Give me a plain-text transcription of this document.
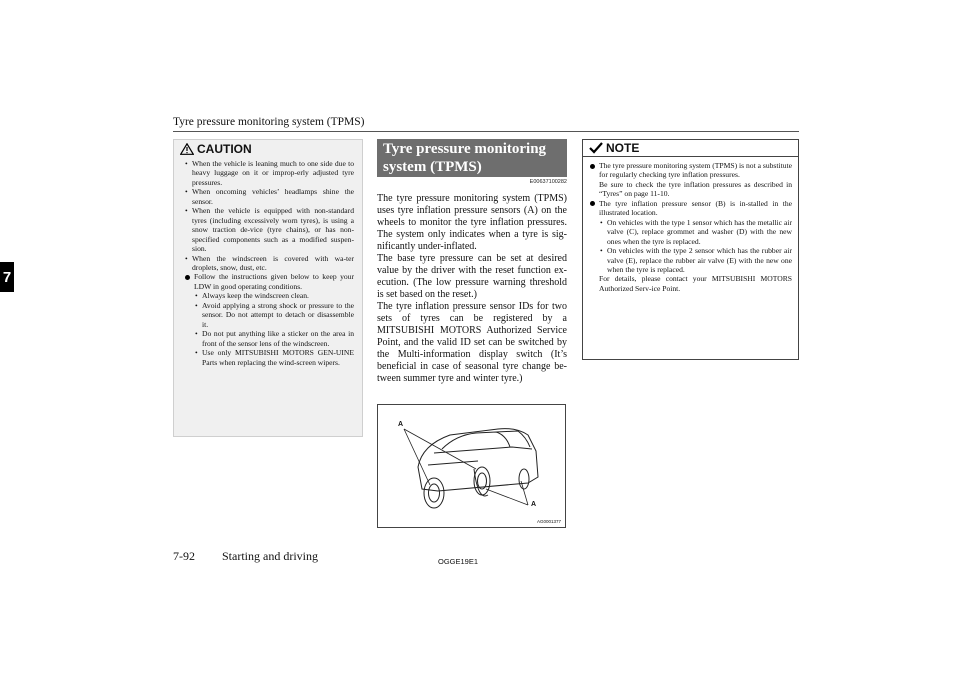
Tyre pressure monitoring system (TPMS)
7
CAUTION
• When the vehicle is leaning much to one side due to heavy luggage on it or improp-erly adjusted tyre pressures.
• When oncoming vehicles’ headlamps shine the sensor.
• When the vehicle is equipped with non-standard tyres (including excessively worn tyres), is using a snow traction de-vice (tyre chains), or has non-specified components such as a modified suspen-sion.
• When the windscreen is covered with wa-ter droplets, snow, dust, etc.
Follow the instructions given below to keep your LDW in good operating conditions.
• Always keep the windscreen clean.
• Avoid applying a strong shock or pressure to the sensor. Do not attempt to detach or disassemble it.
• Do not put anything like a sticker on the area in front of the sensor lens of the windscreen.
• Use only MITSUBISHI MOTORS GEN-UINE Parts when replacing the wind-screen wipers.
Tyre pressure monitoring system (TPMS)
E00637100282

The tyre pressure monitoring system (TPMS) uses tyre inflation pressure sensors (A) on the wheels to monitor the tyre inflation pressures. The system only indicates when a tyre is sig-nificantly under-inflated.

The base tyre pressure can be set at desired value by the driver with the reset function ex-ecution. (The low pressure warning threshold is set based on the reset.)

The tyre inflation pressure sensor IDs for two sets of tyres can be registered by a MITSUBISHI MOTORS Authorized Service Point, and the valid ID set can be switched by the Multi-information display switch (It’s beneficial in case of seasonal tyre change be-tween summer tyre and winter tyre.)

A
A
AG0001377
NOTE

The tyre pressure monitoring system (TPMS) is not a substitute for regularly checking tyre inflation pressures.

Be sure to check the tyre inflation pressures as described in “Tyres” on page 11-10.

The tyre inflation pressure sensor (B) is in-stalled in the illustrated location.

• On vehicles with the type 1 sensor which has the metallic air valve (C), replace grommet and washer (D) with the new ones when the tyre is replaced.
• On vehicles with the type 2 sensor which has the rubber air valve (E), replace the rubber air valve (E) with the new one when the tyre is replaced.

For details, please contact your MITSUBISHI MOTORS Authorized Serv-ice Point.

7-92 Starting and driving	OGGE19E1
